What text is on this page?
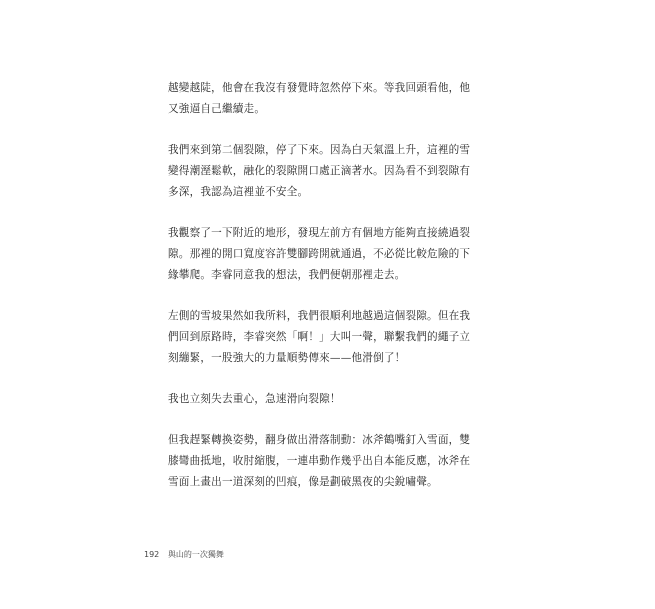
越變越陡，他會在我沒有發覺時忽然停下來。等我回頭看他，他
又強逼自己繼續走。

我們來到第二個裂隙，停了下來。因為白天氣溫上升，這裡的雪
變得潮溼鬆軟，融化的裂隙開口處正滴著水。因為看不到裂隙有
多深，我認為這裡並不安全。

我觀察了一下附近的地形，發現左前方有個地方能夠直接繞過裂
隙。那裡的開口寬度容許雙腳跨開就通過，不必從比較危險的下
緣攀爬。李睿同意我的想法，我們便朝那裡走去。

左側的雪坡果然如我所料，我們很順利地越過這個裂隙。但在我
們回到原路時，李睿突然「啊！」大叫一聲，聯繫我們的繩子立
刻繃緊，一股強大的力量順勢傳來——他滑倒了！

我也立刻失去重心，急速滑向裂隙！

但我趕緊轉換姿勢，翻身做出滑落制動：冰斧鶴嘴釘入雪面，雙
膝彎曲抵地，收肘縮腹，一連串動作幾乎出自本能反應，冰斧在
雪面上畫出一道深刻的凹痕，像是劃破黑夜的尖銳嘯聲。

192 與山的一次獨舞
